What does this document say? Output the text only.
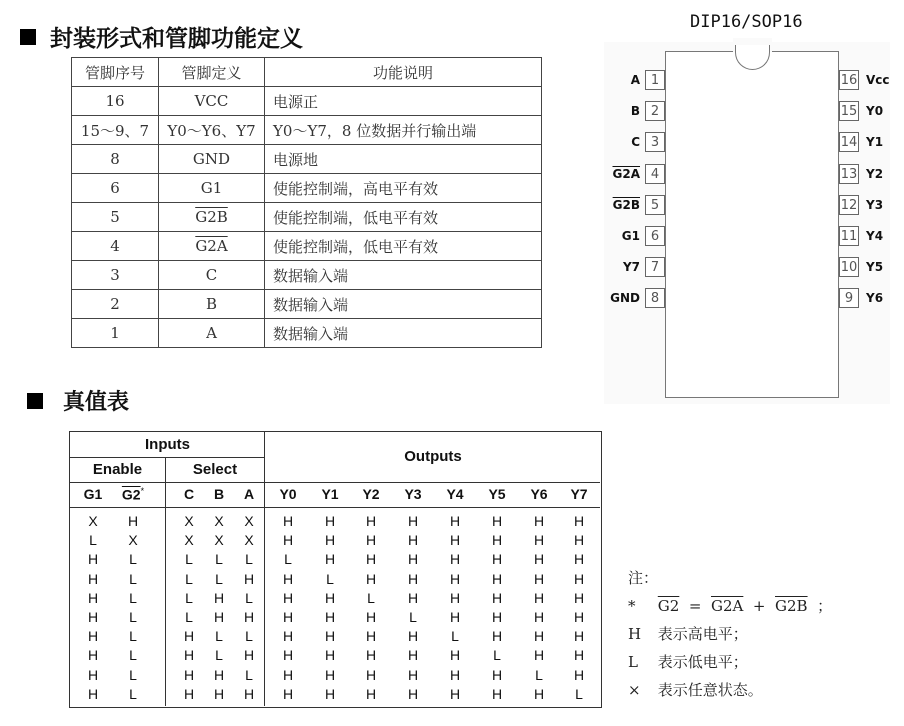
封装形式和管脚功能定义
管脚序号	管脚定义	功能说明
16	VCC	电源正
15～9、7	Y0～Y6、Y7	Y0～Y7，8 位数据并行输出端
8	GND	电源地
6	G1	使能控制端，高电平有效
5	G2B	使能控制端，低电平有效
4	G2A	使能控制端，低电平有效
3	C	数据输入端
2	B	数据输入端
1	A	数据输入端
DIP16/SOP16
1
A
2
B
3
C
4
G2A
5
G2B
6
G1
7
Y7
8
GND
16 Vcc
15 Y0
14 Y1
13 Y2
12 Y3
11 Y4
10 Y5
9	Y6
真值表
Inputs
Outputs
Enable	Select
G1	G2*	C	B	A	Y0	Y1	Y2	Y3	Y4	Y5	Y6	Y7
X	H	X	X	X	H	H	H	H	H	H	H	H
L	X	X	X	X	H	H	H	H	H	H	H	H
H	L	L	L	L	L	H	H	H	H	H	H	H
H	L	L	L	H	H	L	H	H	H	H	H	H
H	L	L	H	L	H	H	L	H	H	H	H	H
H	L	L	H	H	H	H	H	L	H	H	H	H
H	L	H	L	L	H	H	H	H	L	H	H	H
H	L	H	L	H	H	H	H	H	H	L	H	H
H	L	H	H	L	H	H	H	H	H	H	L	H
H	L	H	H	H	H	H	H	H	H	H	H	L
注：
* G2 = G2A + G2B ；
H 表示高电平；
L 表示低电平；
× 表示任意状态。
